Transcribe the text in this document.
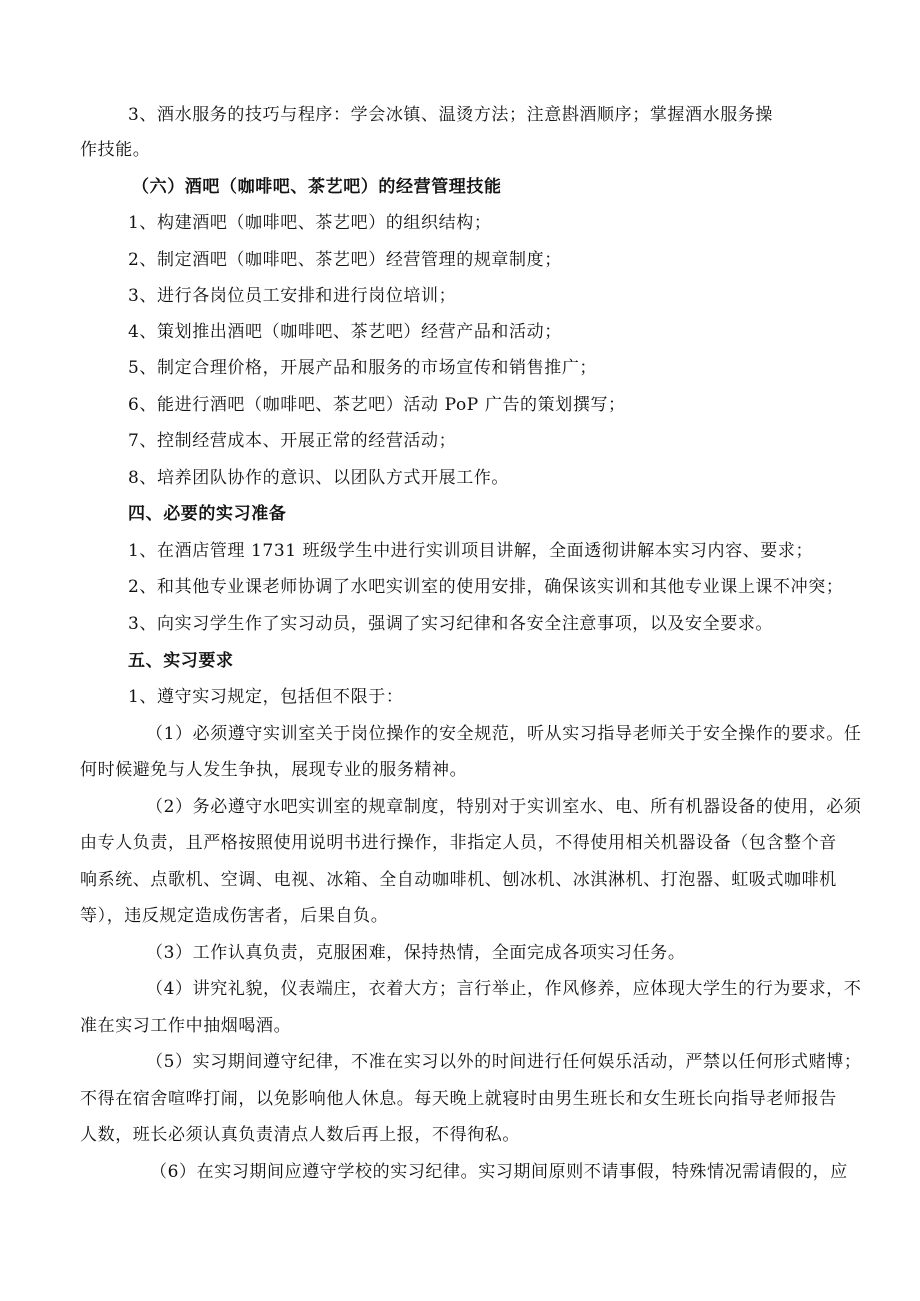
3、酒水服务的技巧与程序：学会冰镇、温烫方法；注意斟酒顺序；掌握酒水服务操
作技能。
（六）酒吧（咖啡吧、茶艺吧）的经营管理技能
1、构建酒吧（咖啡吧、茶艺吧）的组织结构；
2、制定酒吧（咖啡吧、茶艺吧）经营管理的规章制度；
3、进行各岗位员工安排和进行岗位培训；
4、策划推出酒吧（咖啡吧、茶艺吧）经营产品和活动；
5、制定合理价格，开展产品和服务的市场宣传和销售推广；
6、能进行酒吧（咖啡吧、茶艺吧）活动 PoP 广告的策划撰写；
7、控制经营成本、开展正常的经营活动；
8、培养团队协作的意识、以团队方式开展工作。
四、必要的实习准备
1、在酒店管理 1731 班级学生中进行实训项目讲解，全面透彻讲解本实习内容、要求；
2、和其他专业课老师协调了水吧实训室的使用安排，确保该实训和其他专业课上课不冲突；
3、向实习学生作了实习动员，强调了实习纪律和各安全注意事项，以及安全要求。
五、实习要求
1、遵守实习规定，包括但不限于：
（1）必须遵守实训室关于岗位操作的安全规范，听从实习指导老师关于安全操作的要求。任
何时候避免与人发生争执，展现专业的服务精神。
（2）务必遵守水吧实训室的规章制度，特别对于实训室水、电、所有机器设备的使用，必须
由专人负责，且严格按照使用说明书进行操作，非指定人员，不得使用相关机器设备（包含整个音
响系统、点歌机、空调、电视、冰箱、全自动咖啡机、刨冰机、冰淇淋机、打泡器、虹吸式咖啡机
等），违反规定造成伤害者，后果自负。
（3）工作认真负责，克服困难，保持热情，全面完成各项实习任务。
（4）讲究礼貌，仪表端庄，衣着大方；言行举止，作风修养，应体现大学生的行为要求，不
准在实习工作中抽烟喝酒。
（5）实习期间遵守纪律，不准在实习以外的时间进行任何娱乐活动，严禁以任何形式赌博；
不得在宿舍喧哗打闹，以免影响他人休息。每天晚上就寝时由男生班长和女生班长向指导老师报告
人数，班长必须认真负责清点人数后再上报，不得徇私。
（6）在实习期间应遵守学校的实习纪律。实习期间原则不请事假，特殊情况需请假的，应
